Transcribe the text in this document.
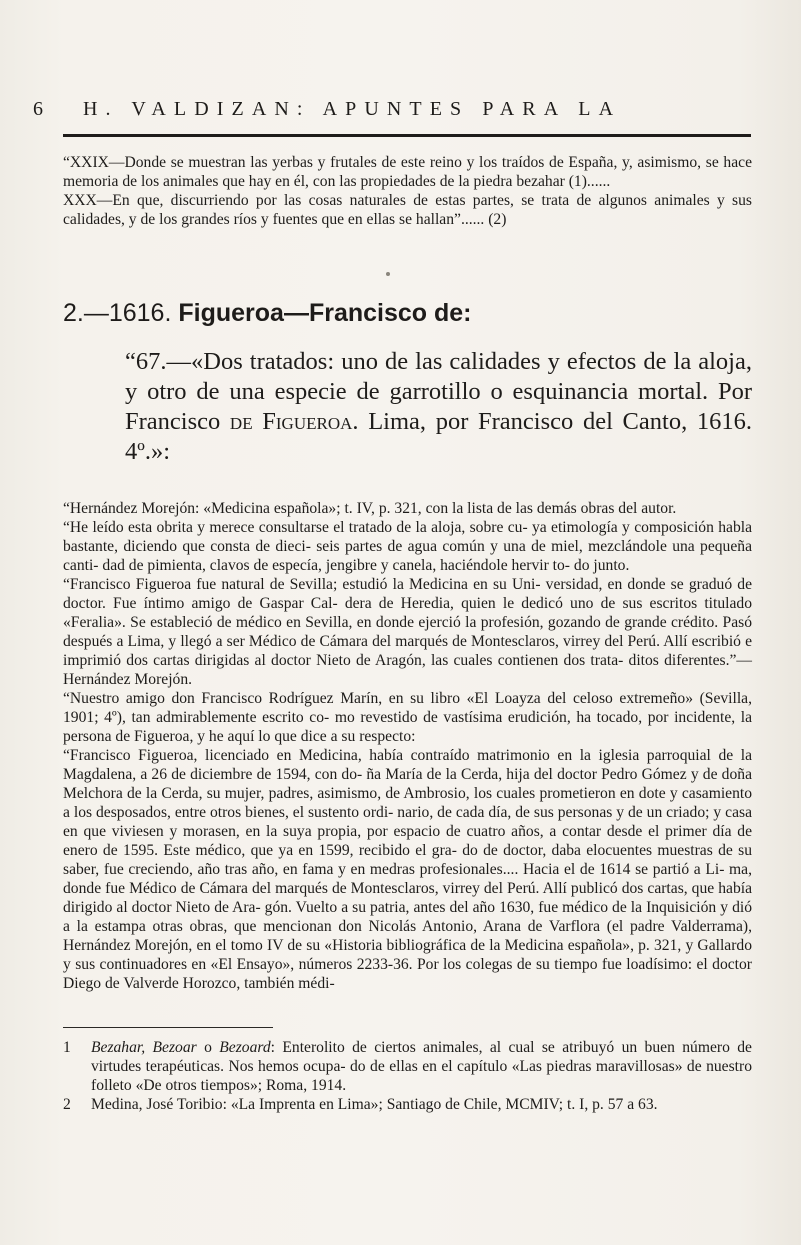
6 H. VALDIZAN: APUNTES PARA LA

“XXIX—Donde se muestran las yerbas y frutales de este reino y los traídos de España, y, asimismo, se hace memoria de los animales que hay en él, con las propiedades de la piedra bezahar (1)......

XXX—En que, discurriendo por las cosas naturales de estas partes, se trata de algunos animales y sus calidades, y de los grandes ríos y fuentes que en ellas se hallan”...... (2)

2.—1616. Figueroa—Francisco de:
“67.—«Dos tratados: uno de las calidades y efectos de la aloja, y otro de una especie de garrotillo o esquinancia mortal. Por Francisco de Figueroa. Lima, por Francisco del Canto, 1616. 4º.»:

“Hernández Morejón: «Medicina española»; t. IV, p. 321, con la lista de las demás obras del autor.

“He leído esta obrita y merece consultarse el tratado de la aloja, sobre cu- ya etimología y composición habla bastante, diciendo que consta de dieci- seis partes de agua común y una de miel, mezclándole una pequeña canti- dad de pimienta, clavos de especía, jengibre y canela, haciéndole hervir to- do junto.

“Francisco Figueroa fue natural de Sevilla; estudió la Medicina en su Uni- versidad, en donde se graduó de doctor. Fue íntimo amigo de Gaspar Cal- dera de Heredia, quien le dedicó uno de sus escritos titulado «Feralia». Se estableció de médico en Sevilla, en donde ejerció la profesión, gozando de grande crédito. Pasó después a Lima, y llegó a ser Médico de Cámara del marqués de Montesclaros, virrey del Perú. Allí escribió e imprimió dos cartas dirigidas al doctor Nieto de Aragón, las cuales contienen dos trata- ditos diferentes.”—Hernández Morejón.

“Nuestro amigo don Francisco Rodríguez Marín, en su libro «El Loayza del celoso extremeño» (Sevilla, 1901; 4º), tan admirablemente escrito co- mo revestido de vastísima erudición, ha tocado, por incidente, la persona de Figueroa, y he aquí lo que dice a su respecto:

“Francisco Figueroa, licenciado en Medicina, había contraído matrimonio en la iglesia parroquial de la Magdalena, a 26 de diciembre de 1594, con do- ña María de la Cerda, hija del doctor Pedro Gómez y de doña Melchora de la Cerda, su mujer, padres, asimismo, de Ambrosio, los cuales prometieron en dote y casamiento a los desposados, entre otros bienes, el sustento ordi- nario, de cada día, de sus personas y de un criado; y casa en que viviesen y morasen, en la suya propia, por espacio de cuatro años, a contar desde el primer día de enero de 1595. Este médico, que ya en 1599, recibido el gra- do de doctor, daba elocuentes muestras de su saber, fue creciendo, año tras año, en fama y en medras profesionales.... Hacia el de 1614 se partió a Li- ma, donde fue Médico de Cámara del marqués de Montesclaros, virrey del Perú. Allí publicó dos cartas, que había dirigido al doctor Nieto de Ara- gón. Vuelto a su patria, antes del año 1630, fue médico de la Inquisición y dió a la estampa otras obras, que mencionan don Nicolás Antonio, Arana de Varflora (el padre Valderrama), Hernández Morejón, en el tomo IV de su «Historia bibliográfica de la Medicina española», p. 321, y Gallardo y sus continuadores en «El Ensayo», números 2233-36. Por los colegas de su tiempo fue loadísimo: el doctor Diego de Valverde Horozco, también médi-

1 Bezahar, Bezoar o Bezoard: Enterolito de ciertos animales, al cual se atribuyó un buen número de virtudes terapéuticas. Nos hemos ocupa- do de ellas en el capítulo «Las piedras maravillosas» de nuestro folleto «De otros tiempos»; Roma, 1914.
2 Medina, José Toribio: «La Imprenta en Lima»; Santiago de Chile, MCMIV; t. I, p. 57 a 63.
